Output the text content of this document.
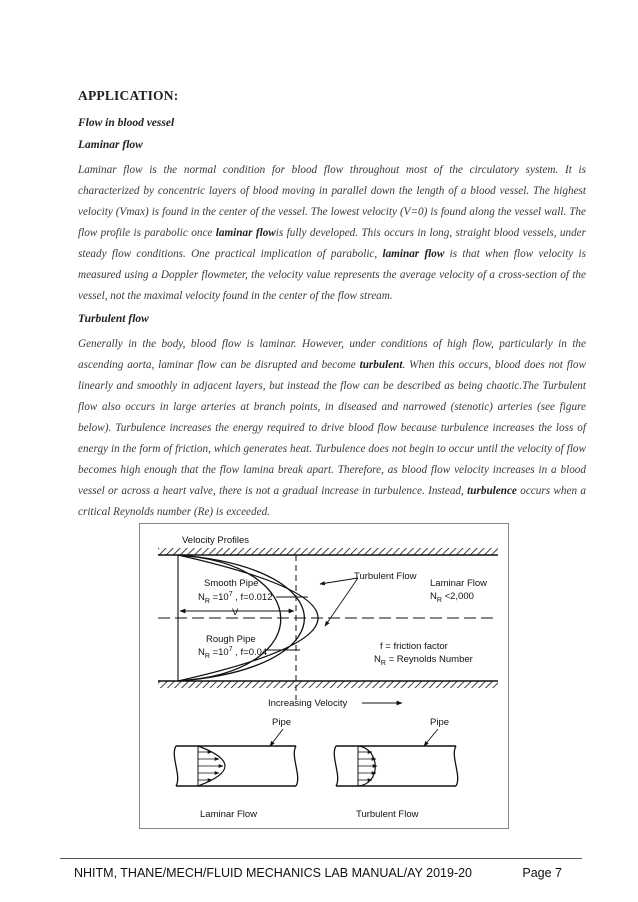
APPLICATION:
Flow in blood vessel
Laminar flow

Laminar flow is the normal condition for blood flow throughout most of the circulatory system. It is characterized by concentric layers of blood moving in parallel down the length of a blood vessel. The highest velocity (Vmax) is found in the center of the vessel. The lowest velocity (V=0) is found along the vessel wall. The flow profile is parabolic once laminar flowis fully developed. This occurs in long, straight blood vessels, under steady flow conditions. One practical implication of parabolic, laminar flow is that when flow velocity is measured using a Doppler flowmeter, the velocity value represents the average velocity of a cross-section of the vessel, not the maximal velocity found in the center of the flow stream.

Turbulent flow

Generally in the body, blood flow is laminar. However, under conditions of high flow, particularly in the ascending aorta, laminar flow can be disrupted and become turbulent. When this occurs, blood does not flow linearly and smoothly in adjacent layers, but instead the flow can be described as being chaotic.The Turbulent flow also occurs in large arteries at branch points, in diseased and narrowed (stenotic) arteries (see figure below). Turbulence increases the energy required to drive blood flow because turbulence increases the loss of energy in the form of friction, which generates heat. Turbulence does not begin to occur until the velocity of flow becomes high enough that the flow lamina break apart. Therefore, as blood flow velocity increases in a blood vessel or across a heart valve, there is not a gradual increase in turbulence. Instead, turbulence occurs when a critical Reynolds number (Re) is exceeded.

Velocity Profiles
Smooth Pipe
$N_R =10^7$ , f=0.012
V
Rough Pipe
$N_R =10^7$ , f=0.04
Turbulent Flow
Laminar Flow
$N_R <2,000$
f = friction factor
$N_R$ = Reynolds Number
Increasing Velocity
Pipe
Laminar Flow
Pipe
Turbulent Flow
NHITM, THANE/MECH/FLUID MECHANICS LAB MANUAL/AY 2019-20	Page 7
